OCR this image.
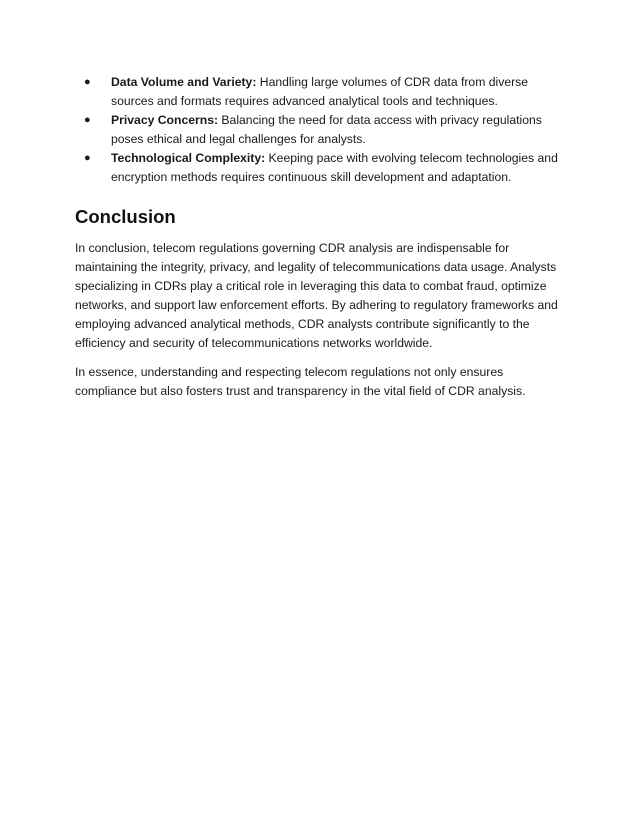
● Data Volume and Variety: Handling large volumes of CDR data from diverse sources and formats requires advanced analytical tools and techniques.
● Privacy Concerns: Balancing the need for data access with privacy regulations poses ethical and legal challenges for analysts.
● Technological Complexity: Keeping pace with evolving telecom technologies and encryption methods requires continuous skill development and adaptation.
Conclusion

In conclusion, telecom regulations governing CDR analysis are indispensable for maintaining the integrity, privacy, and legality of telecommunications data usage. Analysts specializing in CDRs play a critical role in leveraging this data to combat fraud, optimize networks, and support law enforcement efforts. By adhering to regulatory frameworks and employing advanced analytical methods, CDR analysts contribute significantly to the efficiency and security of telecommunications networks worldwide.

In essence, understanding and respecting telecom regulations not only ensures compliance but also fosters trust and transparency in the vital field of CDR analysis.
